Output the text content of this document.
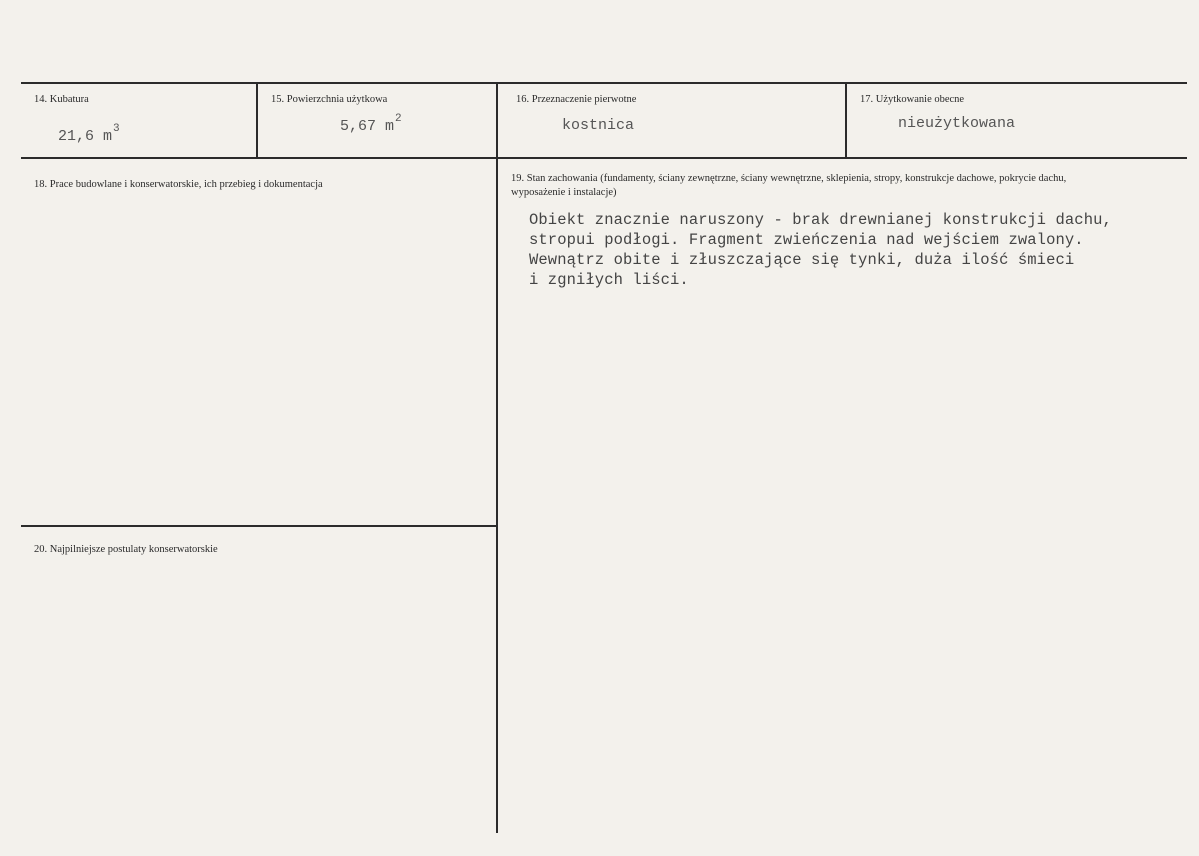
14. Kubatura
21,6 $m^3$
15. Powierzchnia użytkowa
5,67 $m^2$
16. Przeznaczenie pierwotne
kostnica
17. Użytkowanie obecne
nieużytkowana
18. Prace budowlane i konserwatorskie, ich przebieg i dokumentacja
19. Stan zachowania (fundamenty, ściany zewnętrzne, ściany wewnętrzne, sklepienia, stropy, konstrukcje dachowe, pokrycie dachu, wyposażenie i instalacje)
Obiekt znacznie naruszony - brak drewnianej konstrukcji dachu,
stropui podłogi. Fragment zwieńczenia nad wejściem zwalony.
Wewnątrz obite i złuszczające się tynki, duża ilość śmieci
i zgniłych liści.
20. Najpilniejsze postulaty konserwatorskie
